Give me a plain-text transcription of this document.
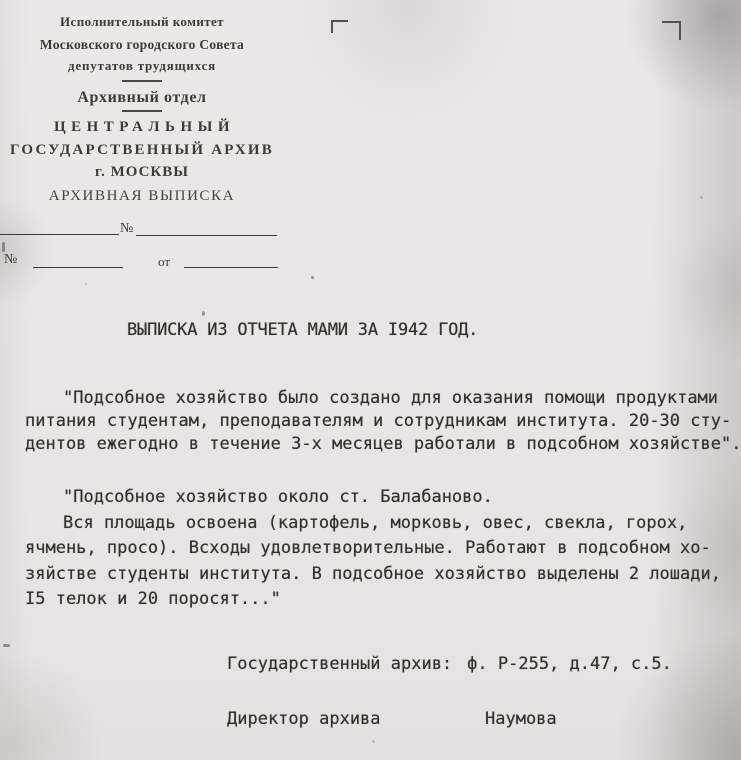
Исполнительный комитет
Московского городского Совета
депутатов трудящихся
Архивный отдел
ЦЕНТРАЛЬНЫЙ
ГОСУДАРСТВЕННЫЙ АРХИВ
г. МОСКВЫ
АРХИВНАЯ ВЫПИСКА
№
№	от
ВЫПИСКА ИЗ ОТЧЕТА МАМИ ЗА I942 ГОД.
"Подсобное хозяйство было создано для оказания помощи продуктами
питания студентам, преподавателям и сотрудникам института. 20-30 сту-
дентов ежегодно в течение 3-х месяцев работали в подсобном хозяйстве".
"Подсобное хозяйство около ст. Балабаново.
Вся площадь освоена (картофель, морковь, овес, свекла, горох,
ячмень, просо). Всходы удовлетворительные. Работают в подсобном хо-
зяйстве студенты института. В подсобное хозяйство выделены 2 лошади,
I5 телок и 20 поросят..."
Государственный архив: ф. Р-255, д.47, с.5.
Директор архива	Наумова
